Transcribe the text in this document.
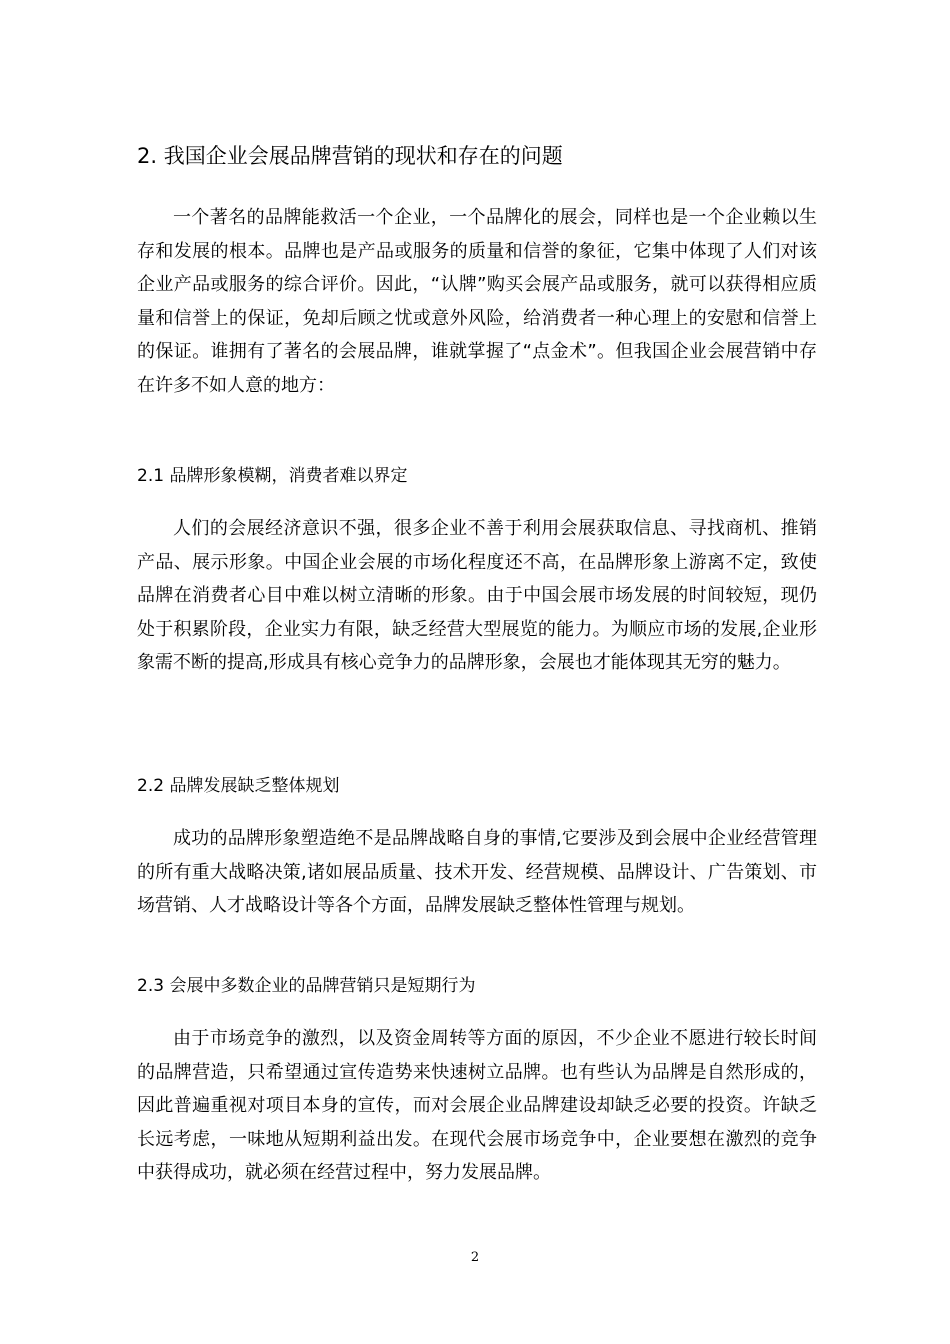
2. 我国企业会展品牌营销的现状和存在的问题

一个著名的品牌能救活一个企业，一个品牌化的展会，同样也是一个企业赖以生存和发展的根本。品牌也是产品或服务的质量和信誉的象征，它集中体现了人们对该企业产品或服务的综合评价。因此，“认牌”购买会展产品或服务，就可以获得相应质量和信誉上的保证，免却后顾之忧或意外风险，给消费者一种心理上的安慰和信誉上的保证。谁拥有了著名的会展品牌，谁就掌握了“点金术”。但我国企业会展营销中存在许多不如人意的地方：

2.1 品牌形象模糊，消费者难以界定

人们的会展经济意识不强，很多企业不善于利用会展获取信息、寻找商机、推销产品、展示形象。中国企业会展的市场化程度还不高，在品牌形象上游离不定，致使品牌在消费者心目中难以树立清晰的形象。由于中国会展市场发展的时间较短，现仍处于积累阶段，企业实力有限，缺乏经营大型展览的能力。为顺应市场的发展,企业形象需不断的提高,形成具有核心竞争力的品牌形象，会展也才能体现其无穷的魅力。

2.2 品牌发展缺乏整体规划

成功的品牌形象塑造绝不是品牌战略自身的事情,它要涉及到会展中企业经营管理的所有重大战略决策,诸如展品质量、技术开发、经营规模、品牌设计、广告策划、市场营销、人才战略设计等各个方面，品牌发展缺乏整体性管理与规划。

2.3 会展中多数企业的品牌营销只是短期行为

由于市场竞争的激烈，以及资金周转等方面的原因，不少企业不愿进行较长时间的品牌营造，只希望通过宣传造势来快速树立品牌。也有些认为品牌是自然形成的，因此普遍重视对项目本身的宣传，而对会展企业品牌建设却缺乏必要的投资。许缺乏长远考虑，一味地从短期利益出发。在现代会展市场竞争中，企业要想在激烈的竞争中获得成功，就必须在经营过程中，努力发展品牌。

2
